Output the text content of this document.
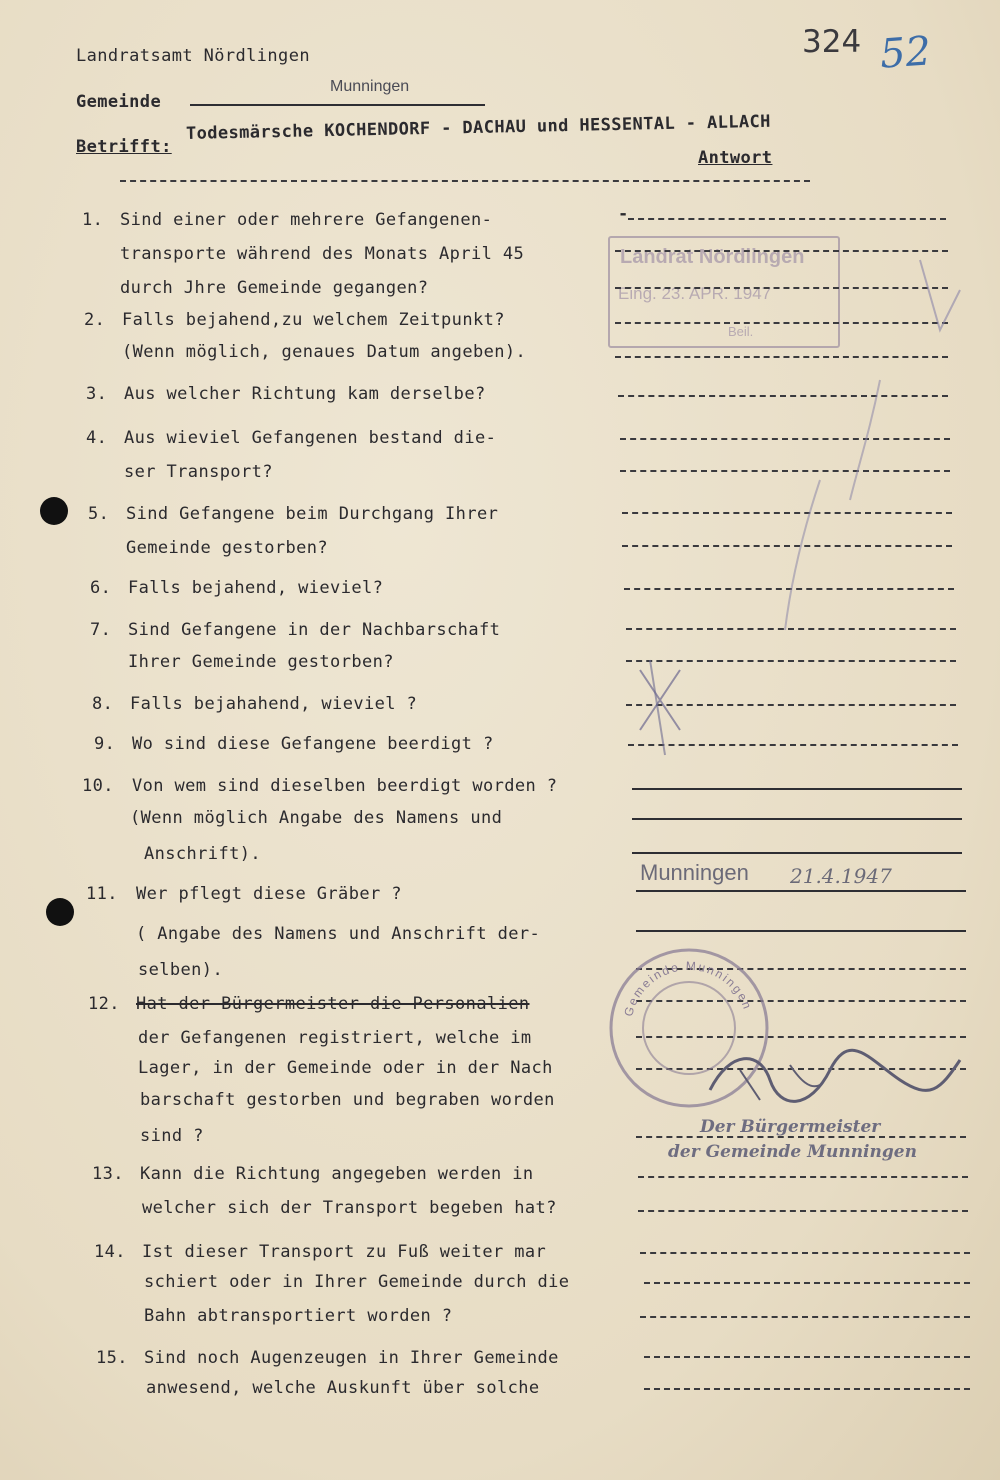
Landratsamt Nördlingen	324 52
Gemeinde
Munningen
Betrifft:
Todesmärsche KOCHENDORF - DACHAU und HESSENTAL - ALLACH
Antwort
Landrat Nördlingen
Eing. 23. APR. 1947
Beil.
1. Sind einer oder mehrere Gefangenen-
transporte während des Monats April 45
durch Jhre Gemeinde gegangen?
-
2. Falls bejahend,zu welchem Zeitpunkt?
(Wenn möglich, genaues Datum angeben).
3. Aus welcher Richtung kam derselbe?
4. Aus wieviel Gefangenen bestand die-
ser Transport?
5. Sind Gefangene beim Durchgang Ihrer
Gemeinde gestorben?
6. Falls bejahend, wieviel?
7. Sind Gefangene in der Nachbarschaft
Ihrer Gemeinde gestorben?
8. Falls bejahahend, wieviel ?
9. Wo sind diese Gefangene beerdigt ?
10. Von wem sind dieselben beerdigt worden ?
(Wenn möglich Angabe des Namens und
Anschrift).
11. Wer pflegt diese Gräber ?
( Angabe des Namens und Anschrift der-
selben).
Munningen 21.4.1947
12. Hat der Bürgermeister die Personalien
der Gefangenen registriert, welche im
Lager, in der Gemeinde oder in der Nach
barschaft gestorben und begraben worden
sind ?
Gemeinde Munningen
Der Bürgermeister
der Gemeinde Munningen
13. Kann die Richtung angegeben werden in
welcher sich der Transport begeben hat?
14. Ist dieser Transport zu Fuß weiter mar
schiert oder in Ihrer Gemeinde durch die
Bahn abtransportiert worden ?
15. Sind noch Augenzeugen in Ihrer Gemeinde
anwesend, welche Auskunft über solche
